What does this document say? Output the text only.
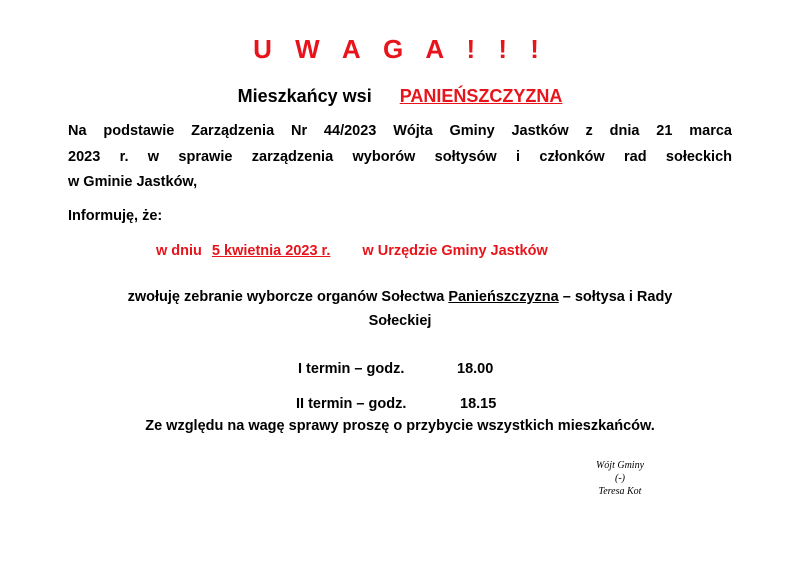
U W A G A ! ! !
Mieszkańcy wsi PANIEŃSZCZYZNA
Na podstawie Zarządzenia Nr 44/2023 Wójta Gminy Jastków z dnia 21 marca
2023 r. w sprawie zarządzenia wyborów sołtysów i członków rad sołeckich
w Gminie Jastków,
Informuję, że:
w dniu 5 kwietnia 2023 r. w Urzędzie Gminy Jastków
zwołuję zebranie wyborcze organów Sołectwa Panieńszczyzna – sołtysa i Rady
Sołeckiej
I termin – godz.	18.00
II termin – godz.	18.15
Ze względu na wagę sprawy proszę o przybycie wszystkich mieszkańców.
Wójt Gminy
(-)
Teresa Kot
